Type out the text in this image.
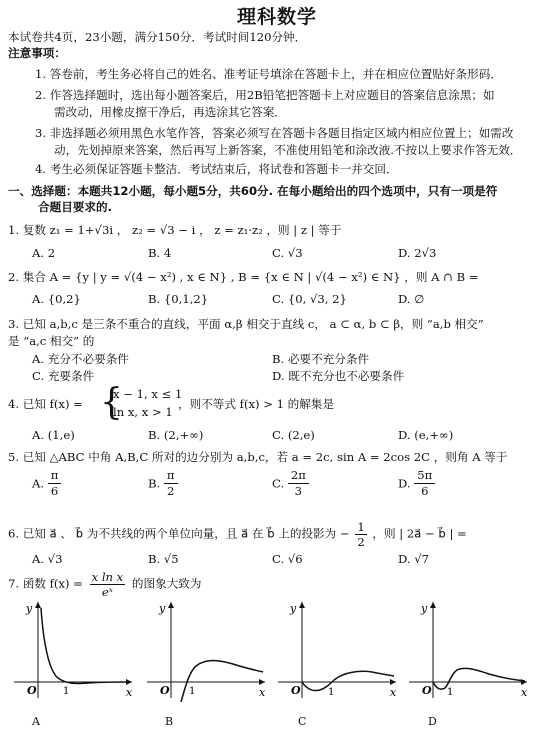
理科数学
本试卷共4页，23小题，满分150分．考试时间120分钟．
注意事项：
1. 答卷前，考生务必将自己的姓名、准考证号填涂在答题卡上，并在相应位置贴好条形码．
2. 作答选择题时，选出每小题答案后，用2B铅笔把答题卡上对应题目的答案信息涂黑；如
需改动，用橡皮擦干净后，再选涂其它答案．
3. 非选择题必须用黑色水笔作答，答案必须写在答题卡各题目指定区域内相应位置上；如需改
动，先划掉原来答案，然后再写上新答案，不准使用铅笔和涂改液.不按以上要求作答无效．
4. 考生必须保证答题卡整洁．考试结束后，将试卷和答题卡一并交回．
一、选择题：本题共12小题，每小题5分，共60分. 在每小题给出的四个选项中，只有一项是符
合题目要求的.
1. 复数 z₁ = 1+√3i ， z₂ = √3 − i ， z = z₁·z₂ ，则 | z | 等于
A. 2	B. 4	C. √3	D. 2√3
2. 集合 A = {y | y = √(4 − x²) , x ∈ N} , B = {x ∈ N | √(4 − x²) ∈ N} ，则 A ∩ B =
A. {0,2}	B. {0,1,2}	C. {0, √3, 2}	D. ∅
3. 已知 a,b,c 是三条不重合的直线，平面 α,β 相交于直线 c， a ⊂ α, b ⊂ β，则 “a,b 相交”
是 “a,c 相交” 的
A. 充分不必要条件	B. 必要不充分条件
C. 充要条件	D. 既不充分也不必要条件
4. 已知 f(x) = {
x − 1, x ≤ 1
ln x, x > 1
，则不等式 f(x) > 1 的解集是
A. (1,e)	B. (2,+∞)	C. (2,e)	D. (e,+∞)
5. 已知 △ABC 中角 A,B,C 所对的边分别为 a,b,c，若 a = 2c, sin A = 2cos 2C ，则角 A 等于
A. $\frac{\pi}{6}$	B. $\frac{\pi}{2}$	C. $\frac{2\pi}{3}$	D. $\frac{5\pi}{6}$
6. 已知 a⃗ 、 b⃗ 为不共线的两个单位向量，且 a⃗ 在 b⃗ 上的投影为 − $\frac{1}{2}$ ，则 | 2a⃗ − b⃗ | =
A. √3	B. √5	C. √6	D. √7
7. 函数 $f(x) = \frac{\text{x ln x}}{\text{eˣ}}$ 的图象大致为
y
x
O	1
y
x
O 1
y
x
O	1
y
x
O 1
A	B	C	D
